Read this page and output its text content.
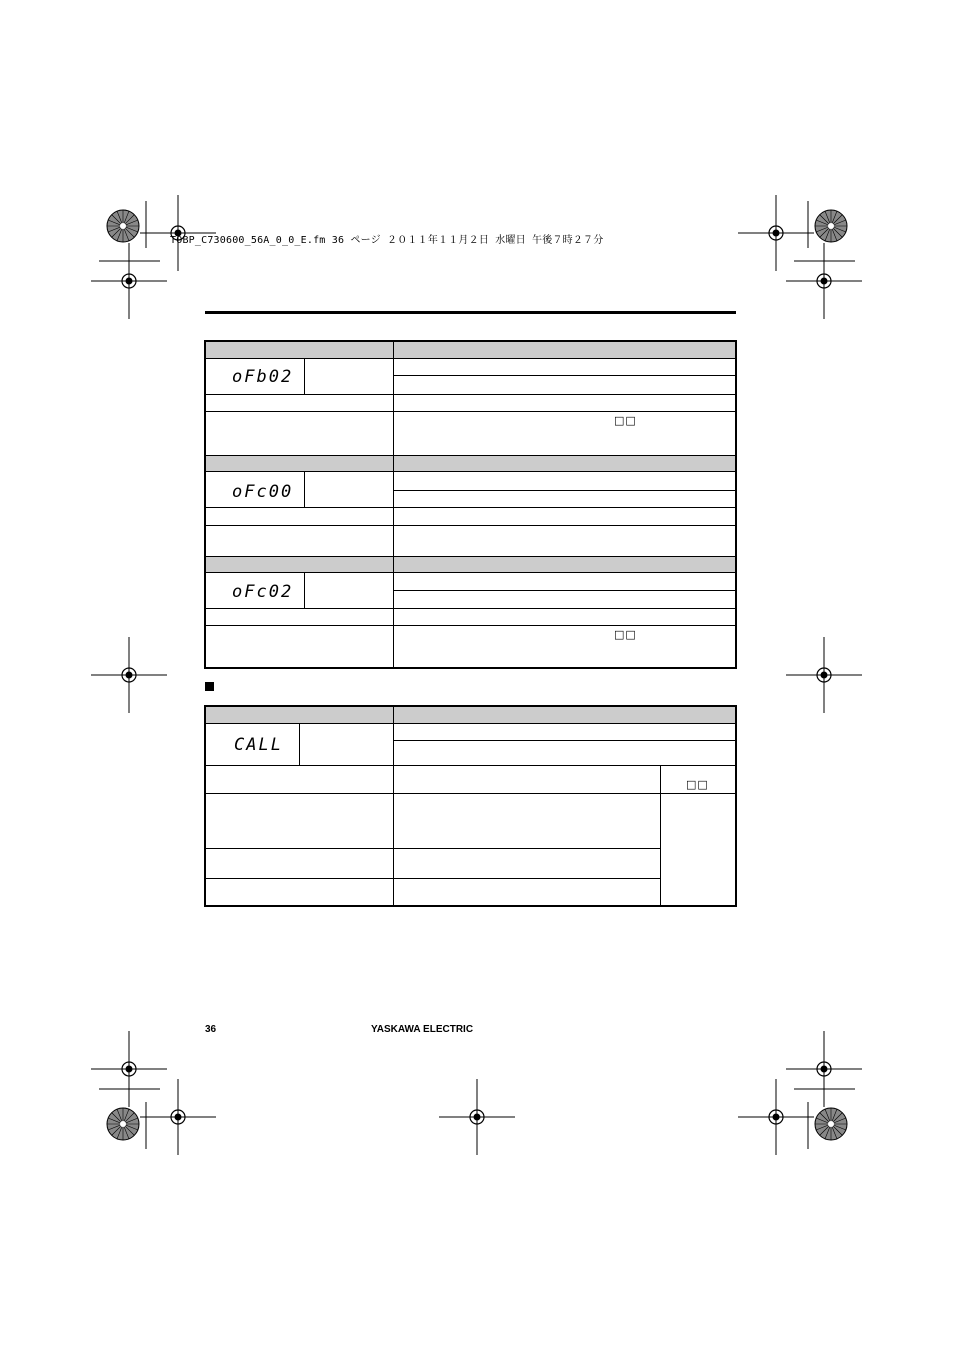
TOBP_C730600_56A_0_0_E.fm 36 ページ ２０１１年１１月２日 水曜日 午後７時２７分
oFb02
□□
oFc00
oFc02
□□
CALL
□□
36	YASKAWA ELECTRIC
